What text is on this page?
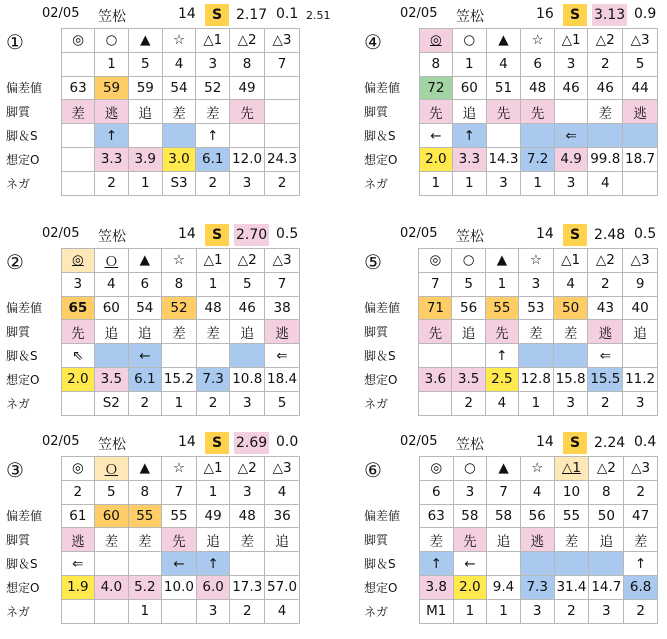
02/05 笠松	14	S 2.17 0.1 2.51
①
		◎	○	▲	☆	△1	△2	△3
		1	5	4	3	8	7
偏差値	63	59	59	54	52	49	
脚質	差	逃	追	差	差	先	
脚＆S		↑			↑		
想定O		3.3	3.9	3.0	6.1	12.0	24.3
ネガ		2	1	S3	2	3	2
02/05 笠松	16	S 3.13 0.9
④
		◎	○	▲	☆	△1	△2	△3
	8	1	4	6	3	2	5
偏差値	72	60	51	48	46	46	44
脚質	先	追	先	先		差	逃
脚＆S	←	↑			⇐		
想定O	2.0	3.3	14.3	7.2	4.9	99.8	18.7
ネガ	1	1	3	1	3	4	
02/05 笠松	14	S 2.70 0.5
②
		◎	Ｏ	▲	☆	△1	△2	△3
	3	4	6	8	1	5	7
偏差値	65	60	54	52	48	46	38
脚質	先	追	追	差	差	追	逃
脚＆S	⇖		←				⇐
想定O	2.0	3.5	6.1	15.2	7.3	10.8	18.4
ネガ		S2	2	1	2	3	5
02/05 笠松	14	S 2.48 0.5
⑤
		◎	○	▲	☆	△1	△2	△3
	7	5	1	3	4	2	9
偏差値	71	56	55	53	50	43	40
脚質	先	追	先	差	差	逃	追
脚＆S			↑			⇐	
想定O	3.6	3.5	2.5	12.8	15.8	15.5	11.2
ネガ		2	4	1	3	2	3
02/05 笠松	14	S 2.69 0.0
③
		◎	Ｏ	▲	☆	△1	△2	△3
	2	5	8	7	1	3	4
偏差値	61	60	55	55	49	48	36
脚質	逃	差	差	先	追	差	追
脚＆S	⇐			←	↑		
想定O	1.9	4.0	5.2	10.0	6.0	17.3	57.0
ネガ			1		3	2	4
02/05 笠松	14	S 2.24 0.4
⑥
		◎	○	▲	☆	△1	△2	△3
	6	3	7	4	10	8	2
偏差値	63	58	58	56	55	50	47
脚質	差	先	追	逃	差	追	差
脚＆S	↑	←					↑
想定O	3.8	2.0	9.4	7.3	31.4	14.7	6.8
ネガ	M1	1	1	3	2	3	2
